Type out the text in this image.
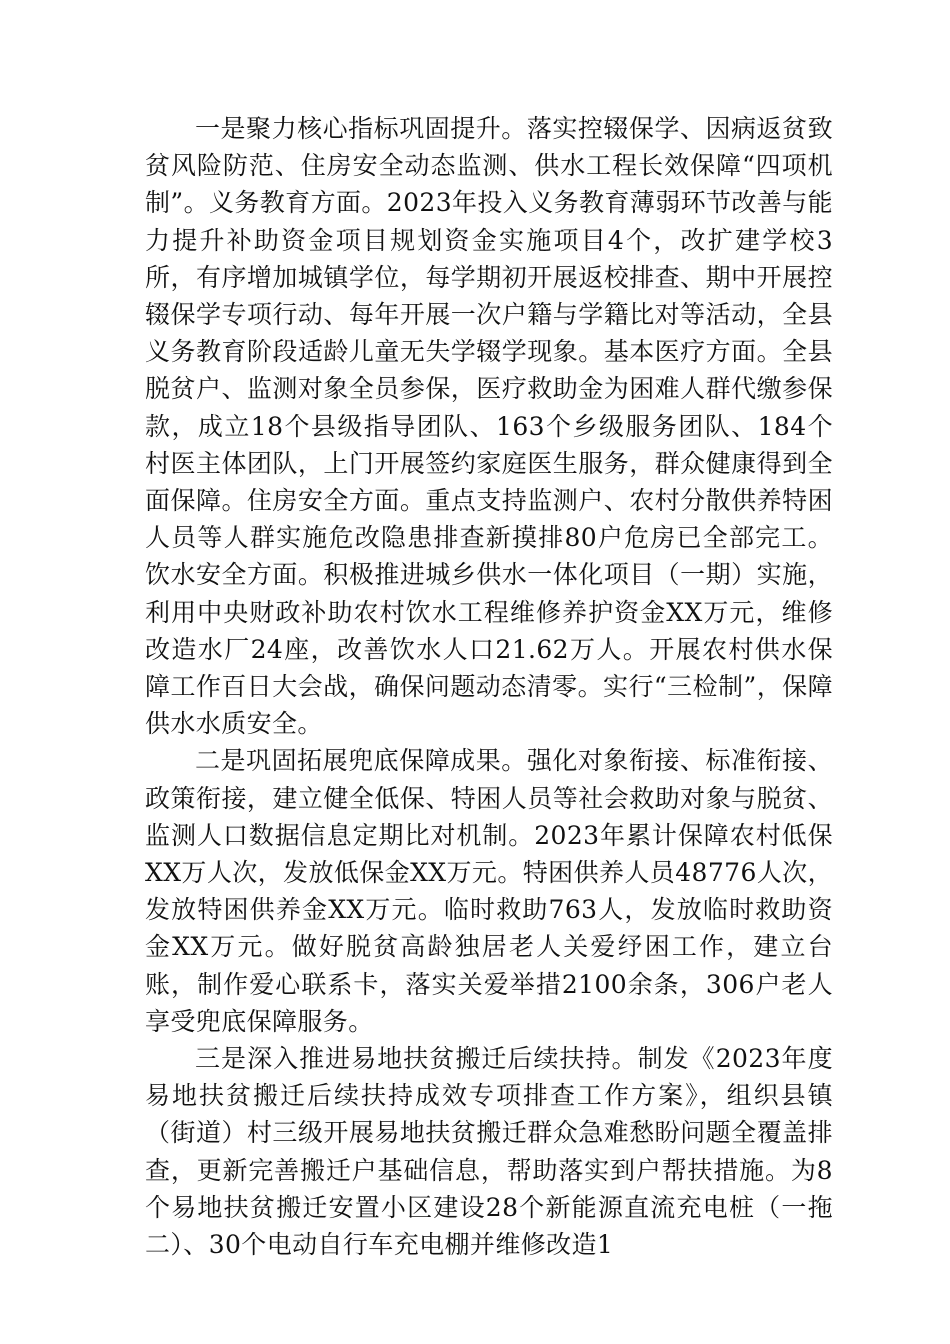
一是聚力核心指标巩固提升。落实控辍保学、因病返贫致贫风险防范、住房安全动态监测、供水工程长效保障“四项机制”。义务教育方面。2023年投入义务教育薄弱环节改善与能力提升补助资金项目规划资金实施项目4个，改扩建学校3所，有序增加城镇学位，每学期初开展返校排查、期中开展控辍保学专项行动、每年开展一次户籍与学籍比对等活动，全县义务教育阶段适龄儿童无失学辍学现象。基本医疗方面。全县脱贫户、监测对象全员参保，医疗救助金为困难人群代缴参保款，成立18个县级指导团队、163个乡级服务团队、184个村医主体团队，上门开展签约家庭医生服务，群众健康得到全面保障。住房安全方面。重点支持监测户、农村分散供养特困人员等人群实施危改隐患排查新摸排80户危房已全部完工。饮水安全方面。积极推进城乡供水一体化项目（一期）实施，利用中央财政补助农村饮水工程维修养护资金XX万元，维修改造水厂24座，改善饮水人口21.62万人。开展农村供水保障工作百日大会战，确保问题动态清零。实行“三检制”，保障供水水质安全。

二是巩固拓展兜底保障成果。强化对象衔接、标准衔接、政策衔接，建立健全低保、特困人员等社会救助对象与脱贫、监测人口数据信息定期比对机制。2023年累计保障农村低保XX万人次，发放低保金XX万元。特困供养人员48776人次，发放特困供养金XX万元。临时救助763人，发放临时救助资金XX万元。做好脱贫高龄独居老人关爱纾困工作，建立台账，制作爱心联系卡，落实关爱举措2100余条，306户老人享受兜底保障服务。

三是深入推进易地扶贫搬迁后续扶持。制发《2023年度易地扶贫搬迁后续扶持成效专项排查工作方案》，组织县镇（街道）村三级开展易地扶贫搬迁群众急难愁盼问题全覆盖排查，更新完善搬迁户基础信息，帮助落实到户帮扶措施。为8个易地扶贫搬迁安置小区建设28个新能源直流充电桩（一拖二）、30个电动自行车充电棚并维修改造1
